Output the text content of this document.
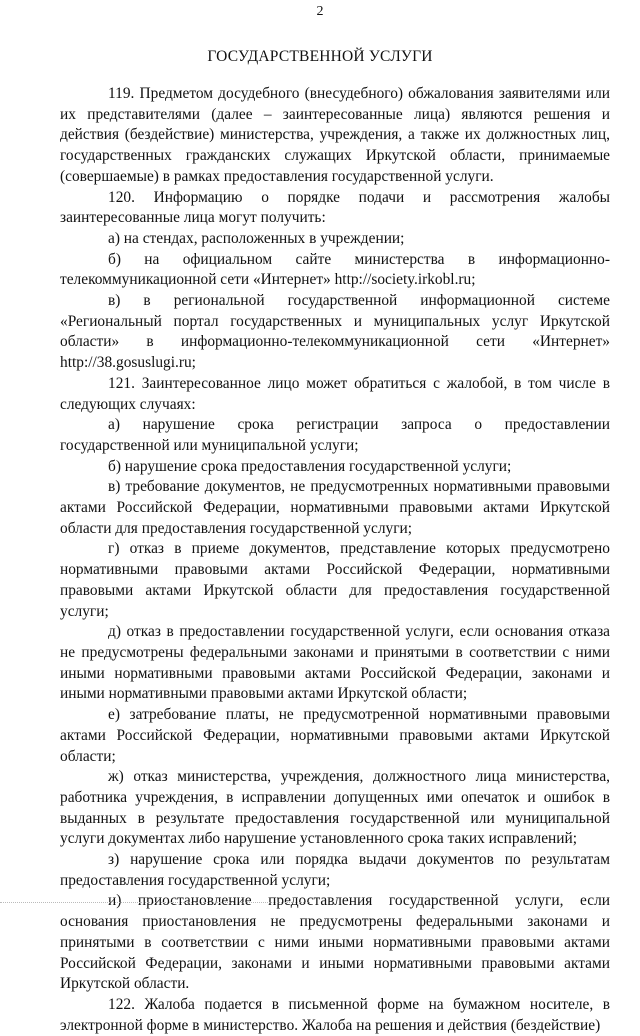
2
ГОСУДАРСТВЕННОЙ УСЛУГИ

119. Предметом досудебного (внесудебного) обжалования заявителями или их представителями (далее – заинтересованные лица) являются решения и действия (бездействие) министерства, учреждения, а также их должностных лиц, государственных гражданских служащих Иркутской области, принимаемые (совершаемые) в рамках предоставления государственной услуги.

120. Информацию о порядке подачи и рассмотрения жалобы заинтересованные лица могут получить:

а) на стендах, расположенных в учреждении;

б) на официальном сайте министерства в информационно-телекоммуникационной сети «Интернет» http://society.irkobl.ru;

в) в региональной государственной информационной системе «Региональный портал государственных и муниципальных услуг Иркутской области» в информационно-телекоммуникационной сети «Интернет» http://38.gosuslugi.ru;

121. Заинтересованное лицо может обратиться с жалобой, в том числе в следующих случаях:

а) нарушение срока регистрации запроса о предоставлении государственной или муниципальной услуги;

б) нарушение срока предоставления государственной услуги;

в) требование документов, не предусмотренных нормативными правовыми актами Российской Федерации, нормативными правовыми актами Иркутской области для предоставления государственной услуги;

г) отказ в приеме документов, представление которых предусмотрено нормативными правовыми актами Российской Федерации, нормативными правовыми актами Иркутской области для предоставления государственной услуги;

д) отказ в предоставлении государственной услуги, если основания отказа не предусмотрены федеральными законами и принятыми в соответствии с ними иными нормативными правовыми актами Российской Федерации, законами и иными нормативными правовыми актами Иркутской области;

е) затребование платы, не предусмотренной нормативными правовыми актами Российской Федерации, нормативными правовыми актами Иркутской области;

ж) отказ министерства, учреждения, должностного лица министерства, работника учреждения, в исправлении допущенных ими опечаток и ошибок в выданных в результате предоставления государственной или муниципальной услуги документах либо нарушение установленного срока таких исправлений;

з) нарушение срока или порядка выдачи документов по результатам предоставления государственной услуги;

и) приостановление предоставления государственной услуги, если основания приостановления не предусмотрены федеральными законами и принятыми в соответствии с ними иными нормативными правовыми актами Российской Федерации, законами и иными нормативными правовыми актами Иркутской области.

122. Жалоба подается в письменной форме на бумажном носителе, в электронной форме в министерство. Жалоба на решения и действия (бездействие)
